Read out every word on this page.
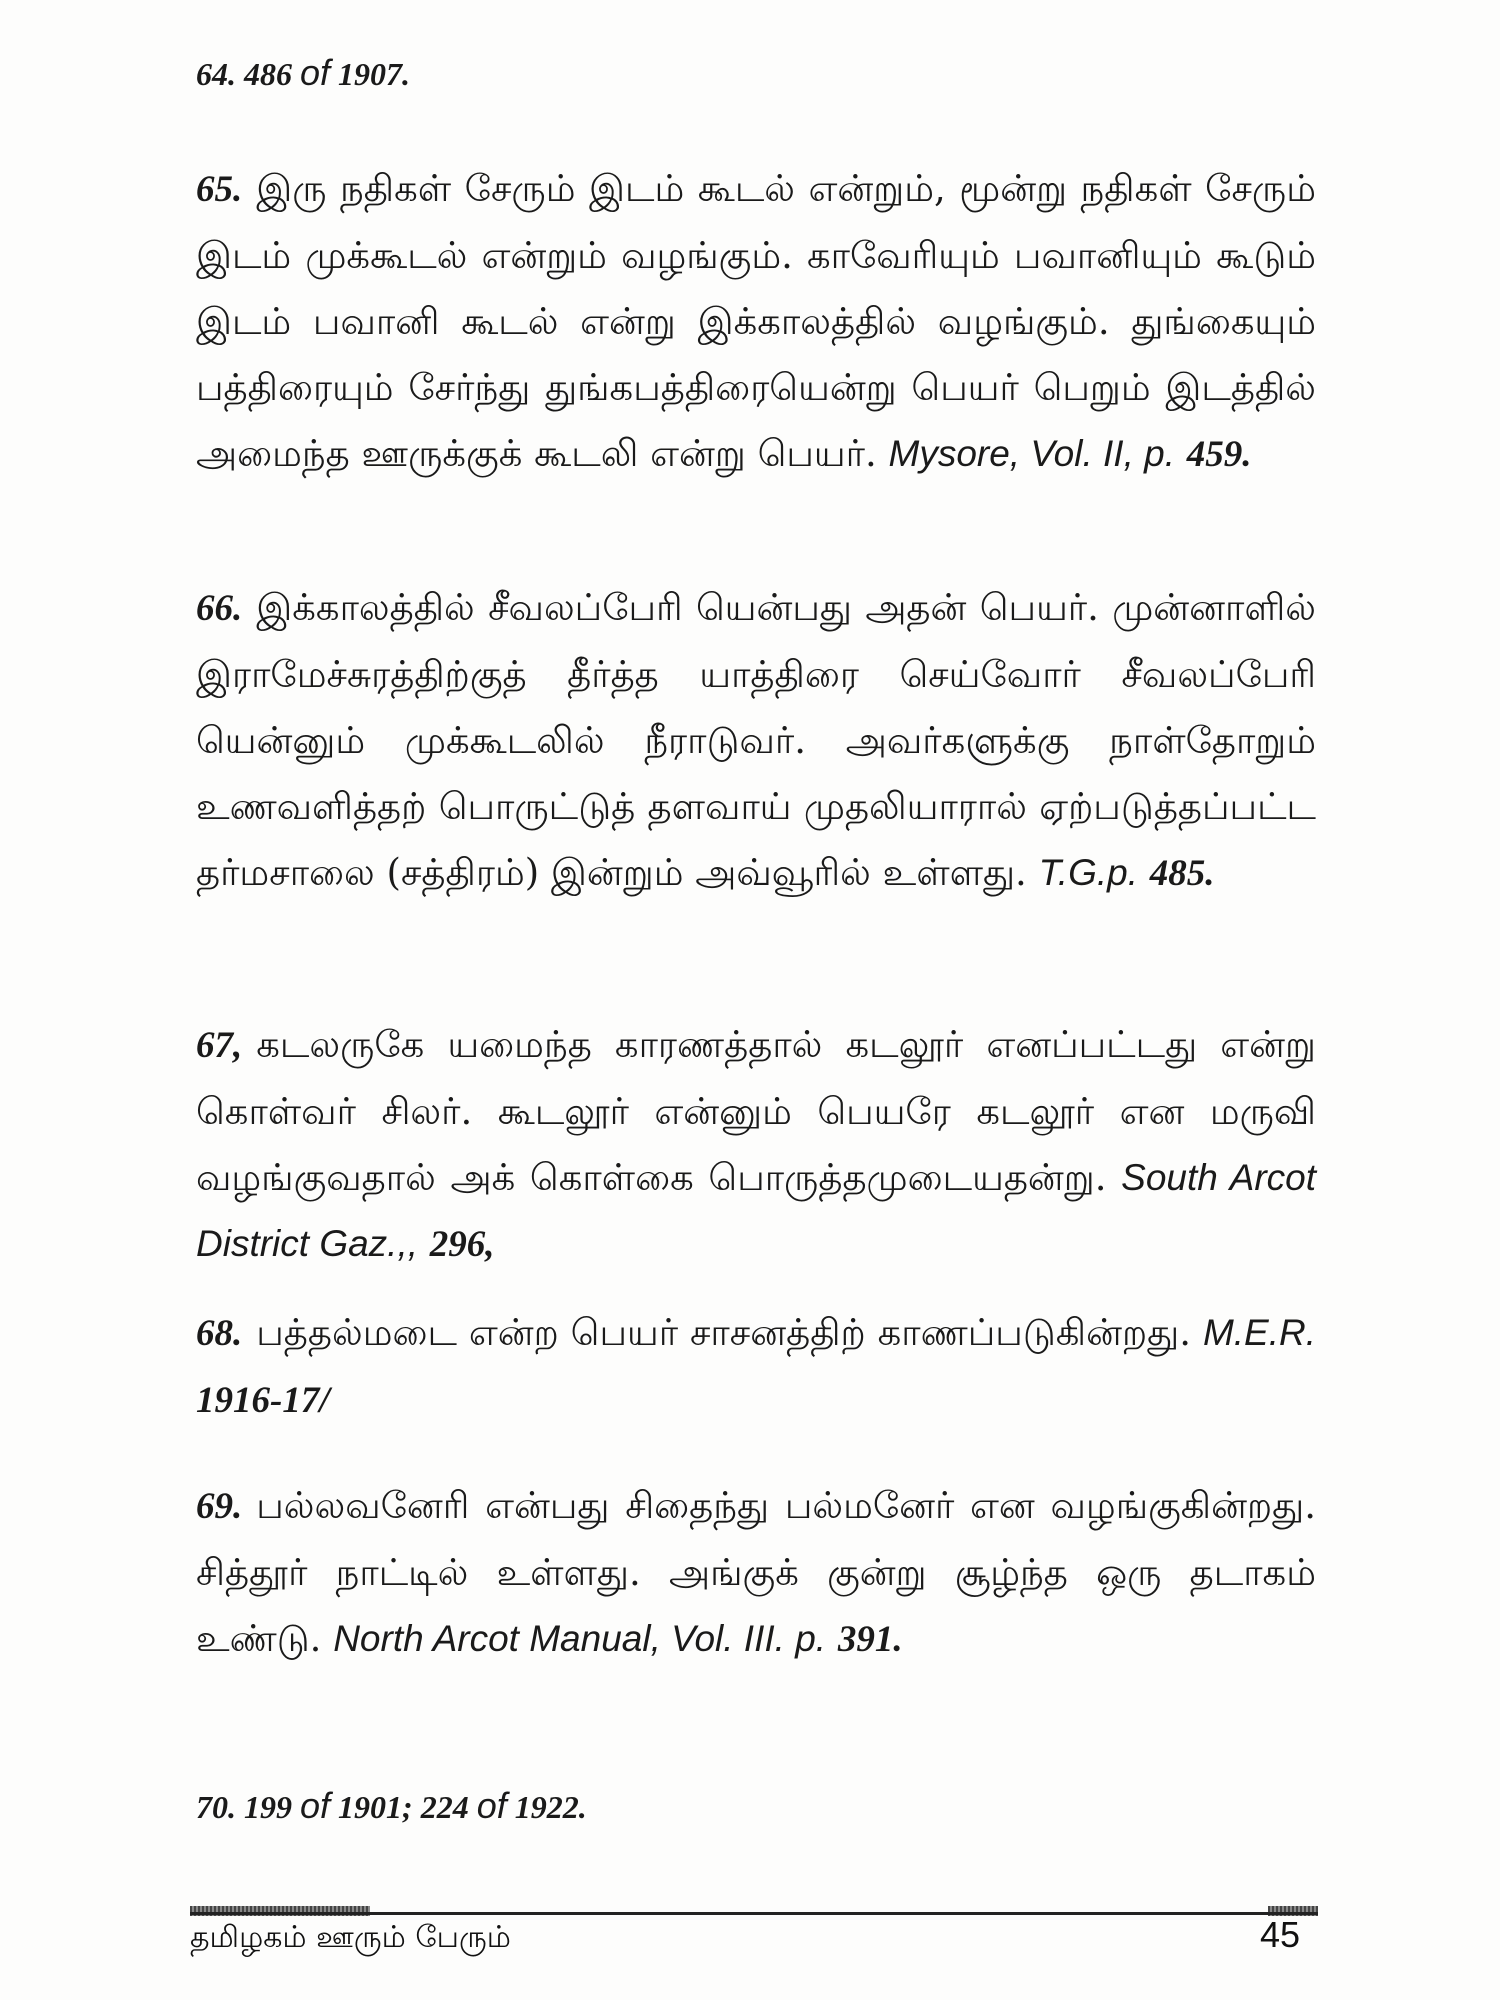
64. 486 of 1907.
65. இரு நதிகள் சேரும் இடம் கூடல் என்றும், மூன்று நதிகள் சேரும் இடம் முக்கூடல் என்றும் வழங்கும். காவேரியும் பவானியும் கூடும் இடம் பவானி கூடல் என்று இக்காலத்தில் வழங்கும். துங்கையும் பத்திரையும் சேர்ந்து துங்கபத்திரையென்று பெயர் பெறும் இடத்தில் அமைந்த ஊருக்குக் கூடலி என்று பெயர். Mysore, Vol. II, p. 459.
66. இக்காலத்தில் சீவலப்பேரி யென்பது அதன் பெயர். முன்னாளில் இராமேச்சுரத்திற்குத் தீர்த்த யாத்திரை செய்வோர் சீவலப்பேரி யென்னும் முக்கூடலில் நீராடுவர். அவர்களுக்கு நாள்தோறும் உணவளித்தற் பொருட்டுத் தளவாய் முதலியாரால் ஏற்படுத்தப்பட்ட தர்மசாலை (சத்திரம்) இன்றும் அவ்வூரில் உள்ளது. T.G.p. 485.
67, கடலருகே யமைந்த காரணத்தால் கடலூர் எனப்பட்டது என்று கொள்வர் சிலர். கூடலூர் என்னும் பெயரே கடலூர் என மருவி வழங்குவதால் அக் கொள்கை பொருத்தமுடையதன்று. South Arcot District Gaz.,, 296,
68. பத்தல்மடை என்ற பெயர் சாசனத்திற் காணப்படுகின்றது. M.E.R. 1916-17/
69. பல்லவனேரி என்பது சிதைந்து பல்மனேர் என வழங்குகின்றது. சித்தூர் நாட்டில் உள்ளது. அங்குக் குன்று சூழ்ந்த ஒரு தடாகம் உண்டு. North Arcot Manual, Vol. III. p. 391.
70. 199 of 1901; 224 of 1922.
தமிழகம் ஊரும் பேரும்	45
